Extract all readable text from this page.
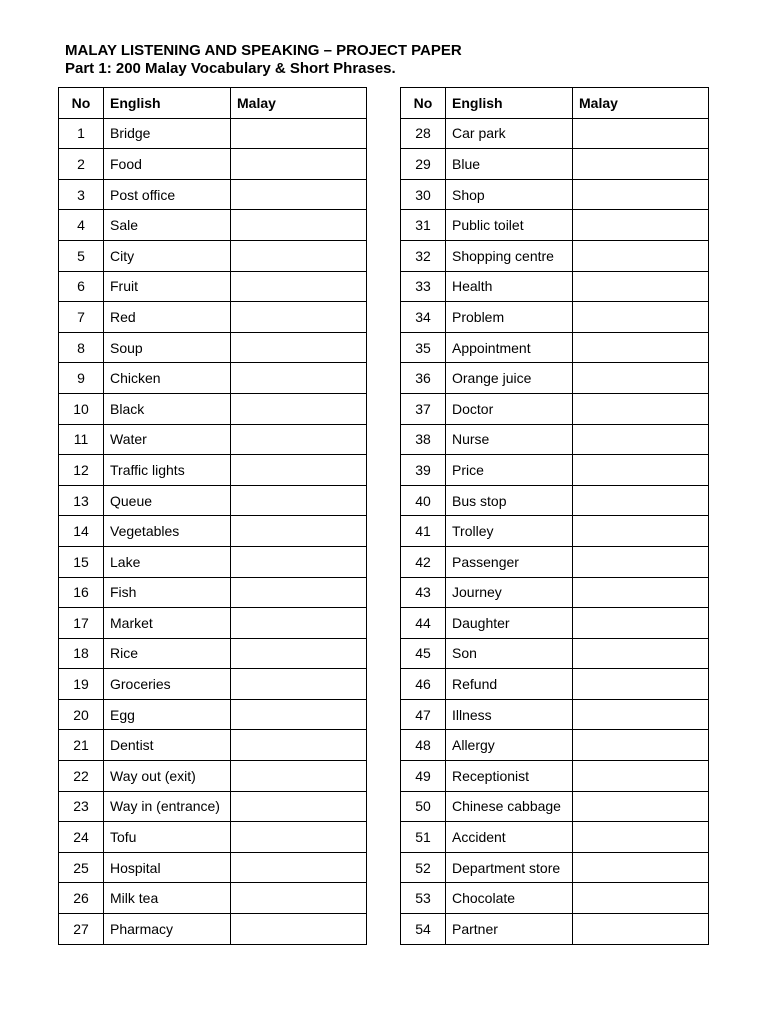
MALAY LISTENING AND SPEAKING – PROJECT PAPER
Part 1: 200 Malay Vocabulary & Short Phrases.
No	English	Malay
1	Bridge	
2	Food	
3	Post office	
4	Sale	
5	City	
6	Fruit	
7	Red	
8	Soup	
9	Chicken	
10	Black	
11	Water	
12	Traffic lights	
13	Queue	
14	Vegetables	
15	Lake	
16	Fish	
17	Market	
18	Rice	
19	Groceries	
20	Egg	
21	Dentist	
22	Way out (exit)	
23	Way in (entrance)	
24	Tofu	
25	Hospital	
26	Milk tea	
27	Pharmacy	
No	English	Malay
28	Car park	
29	Blue	
30	Shop	
31	Public toilet	
32	Shopping centre	
33	Health	
34	Problem	
35	Appointment	
36	Orange juice	
37	Doctor	
38	Nurse	
39	Price	
40	Bus stop	
41	Trolley	
42	Passenger	
43	Journey	
44	Daughter	
45	Son	
46	Refund	
47	Illness	
48	Allergy	
49	Receptionist	
50	Chinese cabbage	
51	Accident	
52	Department store	
53	Chocolate	
54	Partner	
